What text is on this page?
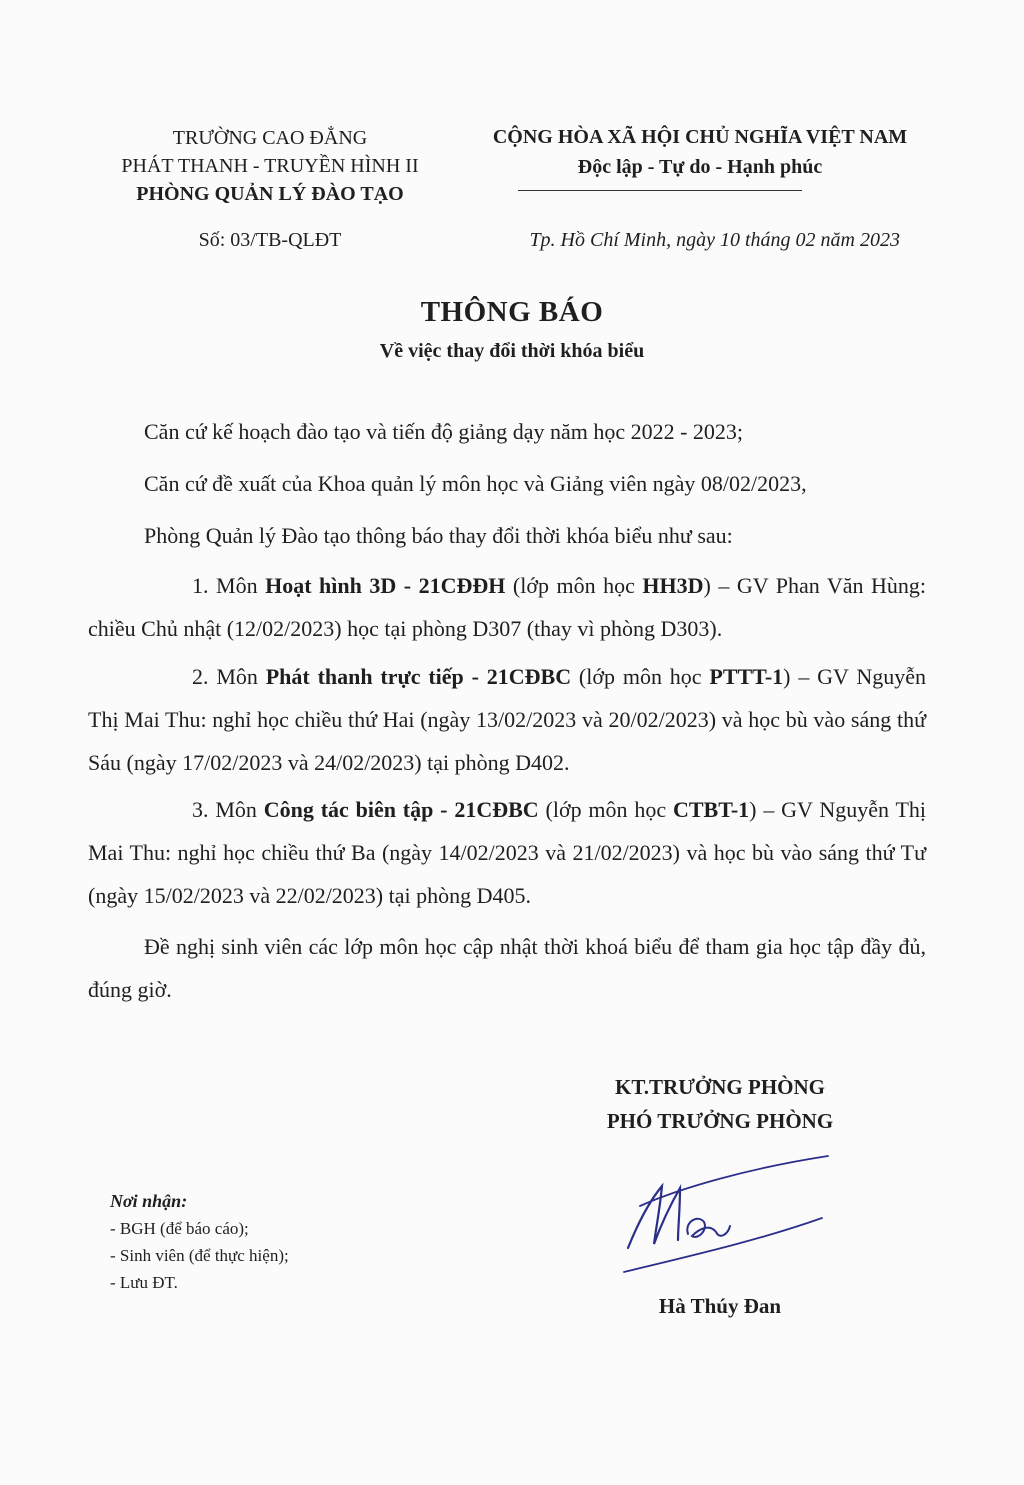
TRƯỜNG CAO ĐẲNG
PHÁT THANH - TRUYỀN HÌNH II
PHÒNG QUẢN LÝ ĐÀO TẠO
CỘNG HÒA XÃ HỘI CHỦ NGHĨA VIỆT NAM
Độc lập - Tự do - Hạnh phúc
Số: 03/TB-QLĐT	Tp. Hồ Chí Minh, ngày 10 tháng 02 năm 2023
THÔNG BÁO
Về việc thay đổi thời khóa biểu
Căn cứ kế hoạch đào tạo và tiến độ giảng dạy năm học 2022 - 2023;
Căn cứ đề xuất của Khoa quản lý môn học và Giảng viên ngày 08/02/2023,
Phòng Quản lý Đào tạo thông báo thay đổi thời khóa biểu như sau:
1. Môn Hoạt hình 3D - 21CĐĐH (lớp môn học HH3D) – GV Phan Văn Hùng: chiều Chủ nhật (12/02/2023) học tại phòng D307 (thay vì phòng D303).
2. Môn Phát thanh trực tiếp - 21CĐBC (lớp môn học PTTT-1) – GV Nguyễn Thị Mai Thu: nghỉ học chiều thứ Hai (ngày 13/02/2023 và 20/02/2023) và học bù vào sáng thứ Sáu (ngày 17/02/2023 và 24/02/2023) tại phòng D402.
3. Môn Công tác biên tập - 21CĐBC (lớp môn học CTBT-1) – GV Nguyễn Thị Mai Thu: nghỉ học chiều thứ Ba (ngày 14/02/2023 và 21/02/2023) và học bù vào sáng thứ Tư (ngày 15/02/2023 và 22/02/2023) tại phòng D405.
Đề nghị sinh viên các lớp môn học cập nhật thời khoá biểu để tham gia học tập đầy đủ, đúng giờ.
KT.TRƯỞNG PHÒNG
PHÓ TRƯỞNG PHÒNG
Hà Thúy Đan
Nơi nhận:
- BGH (để báo cáo);
- Sinh viên (để thực hiện);
- Lưu ĐT.
